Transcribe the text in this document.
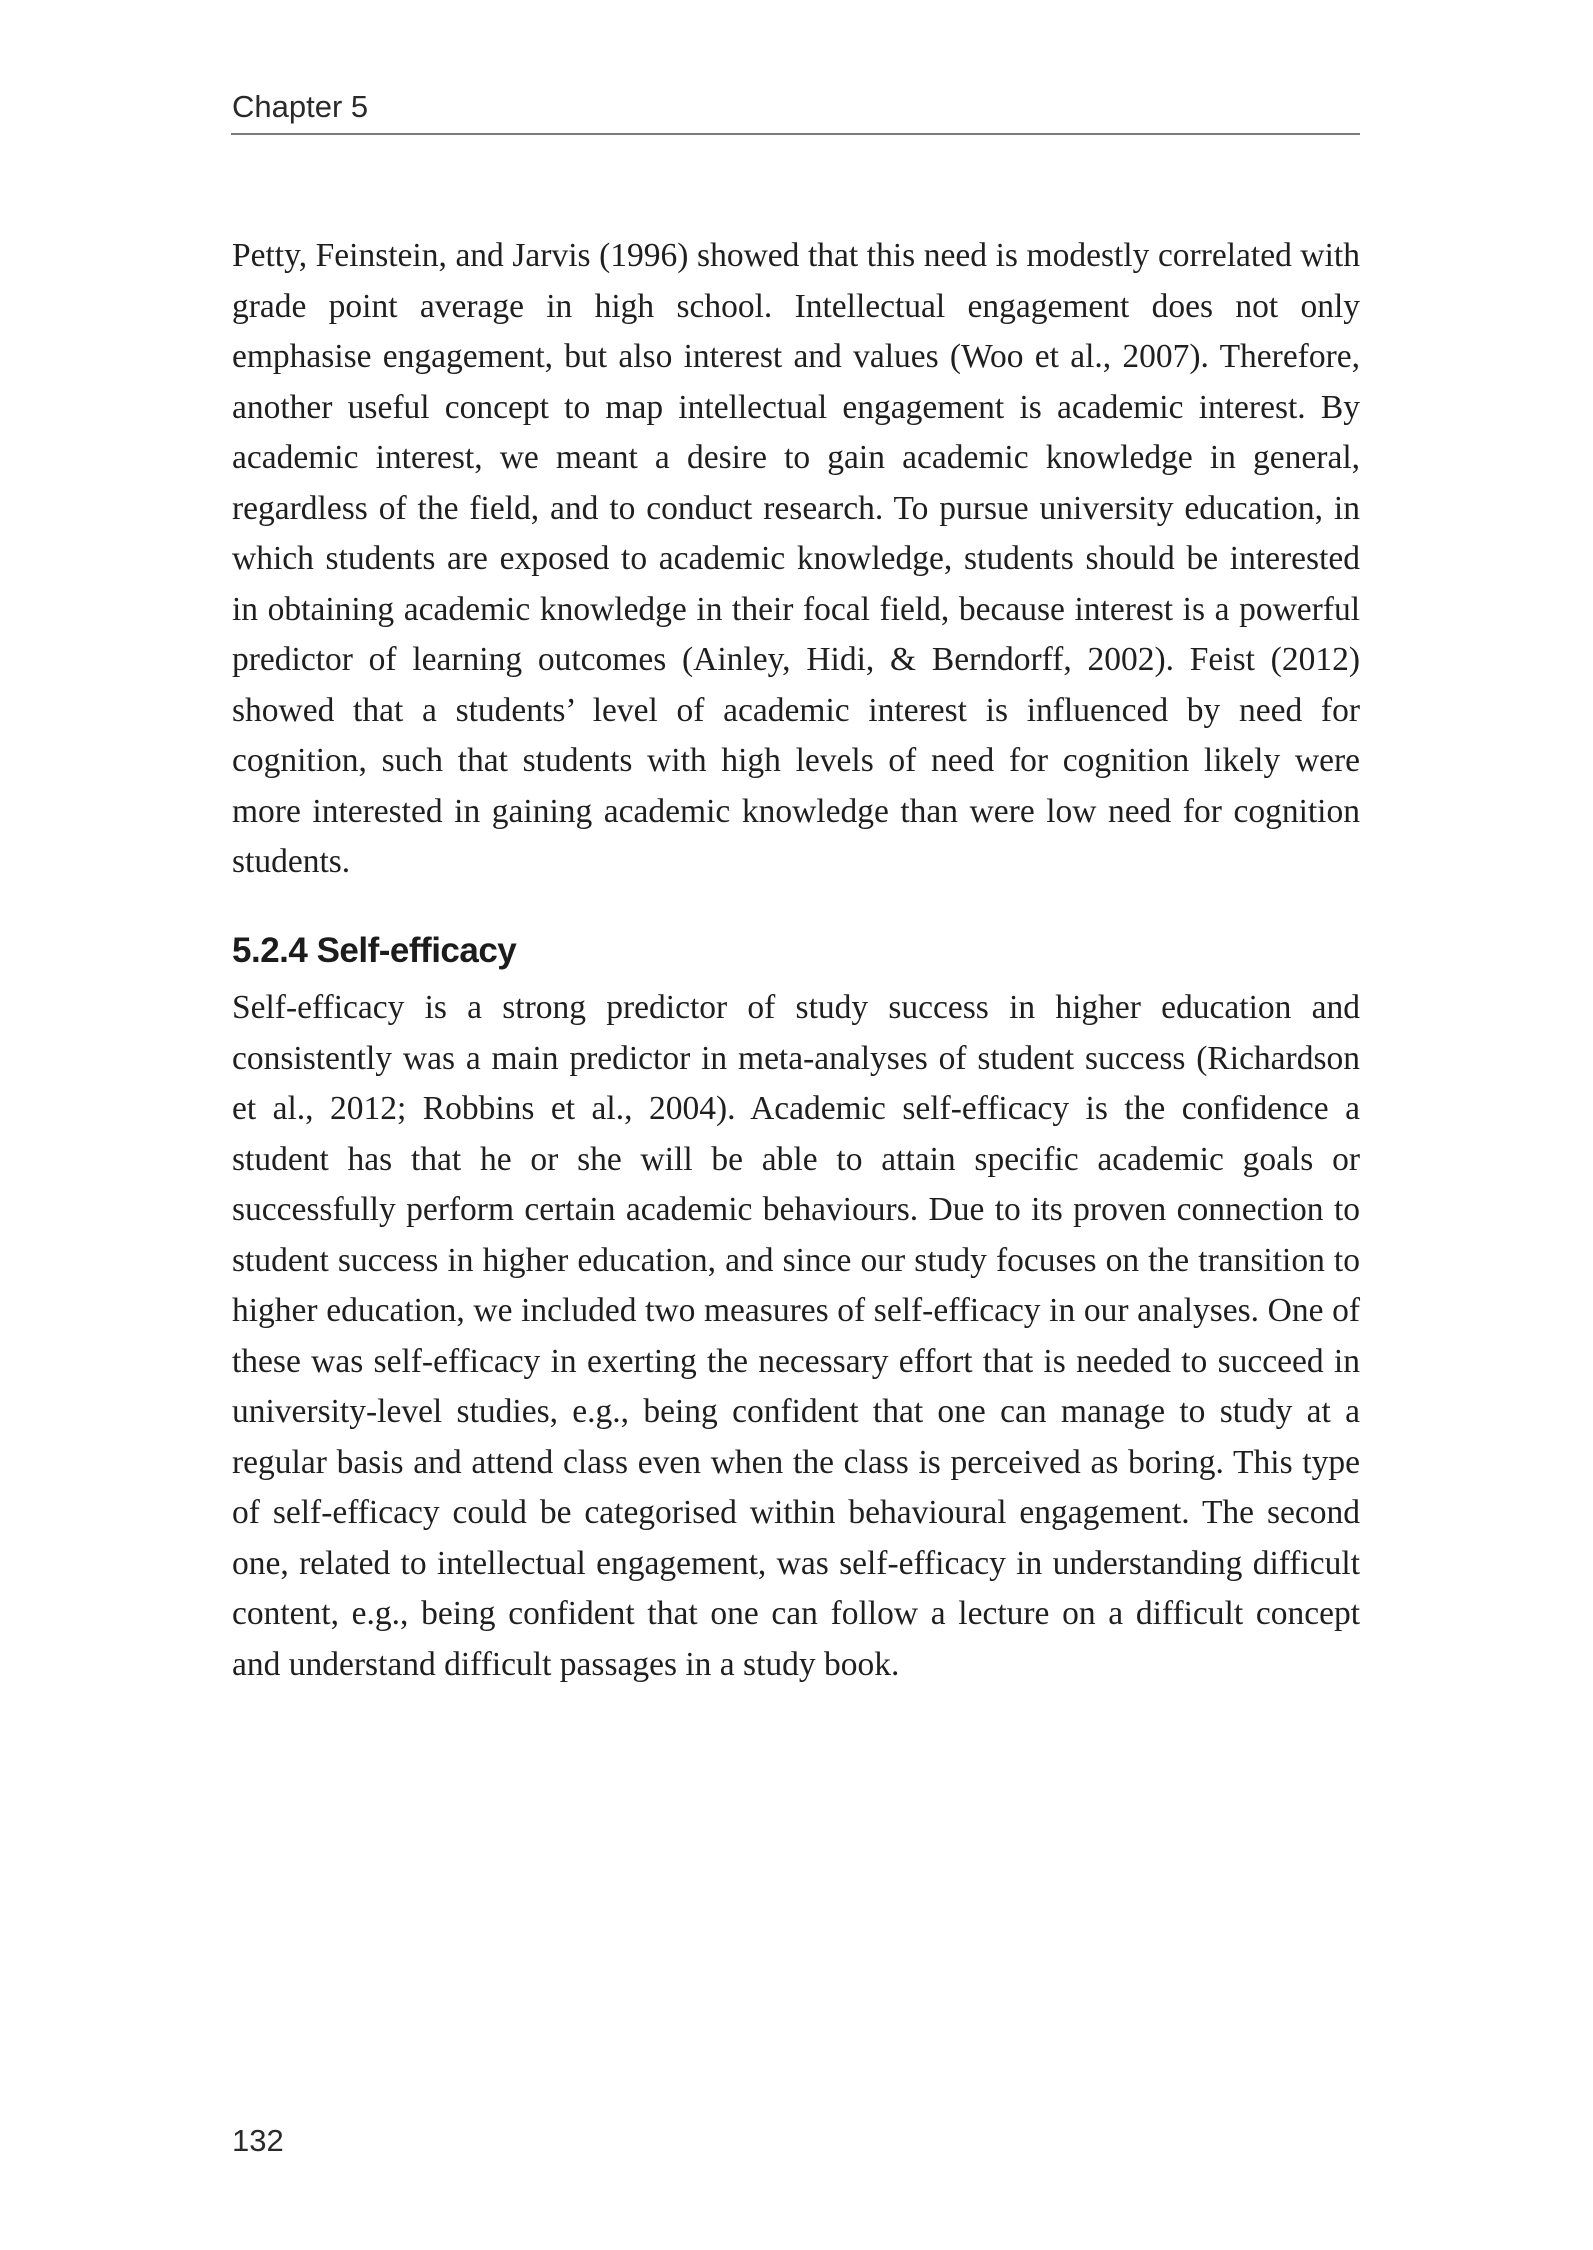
Chapter 5

Petty, Feinstein, and Jarvis (1996) showed that this need is modestly correlated with grade point average in high school. Intellectual engagement does not only emphasise engagement, but also interest and values (Woo et al., 2007). Therefore, another useful concept to map intellectual engagement is academic interest. By academic interest, we meant a desire to gain academic knowledge in general, regardless of the field, and to conduct research. To pursue university education, in which students are exposed to academic knowledge, students should be interested in obtaining academic knowledge in their focal field, because interest is a powerful predictor of learning outcomes (Ainley, Hidi, & Berndorff, 2002). Feist (2012) showed that a students’ level of academic interest is influenced by need for cognition, such that students with high levels of need for cognition likely were more interested in gaining academic knowledge than were low need for cognition students.

5.2.4 Self-efficacy

Self-efficacy is a strong predictor of study success in higher education and consistently was a main predictor in meta-analyses of student success (Richardson et al., 2012; Robbins et al., 2004). Academic self-efficacy is the confidence a student has that he or she will be able to attain specific academic goals or successfully perform certain academic behaviours. Due to its proven connection to student success in higher education, and since our study focuses on the transition to higher education, we included two measures of self-efficacy in our analyses. One of these was self-efficacy in exerting the necessary effort that is needed to succeed in university-level studies, e.g., being confident that one can manage to study at a regular basis and attend class even when the class is perceived as boring. This type of self-efficacy could be categorised within behavioural engagement. The second one, related to intellectual engagement, was self-efficacy in understanding difficult content, e.g., being confident that one can follow a lecture on a difficult concept and understand difficult passages in a study book.

132
